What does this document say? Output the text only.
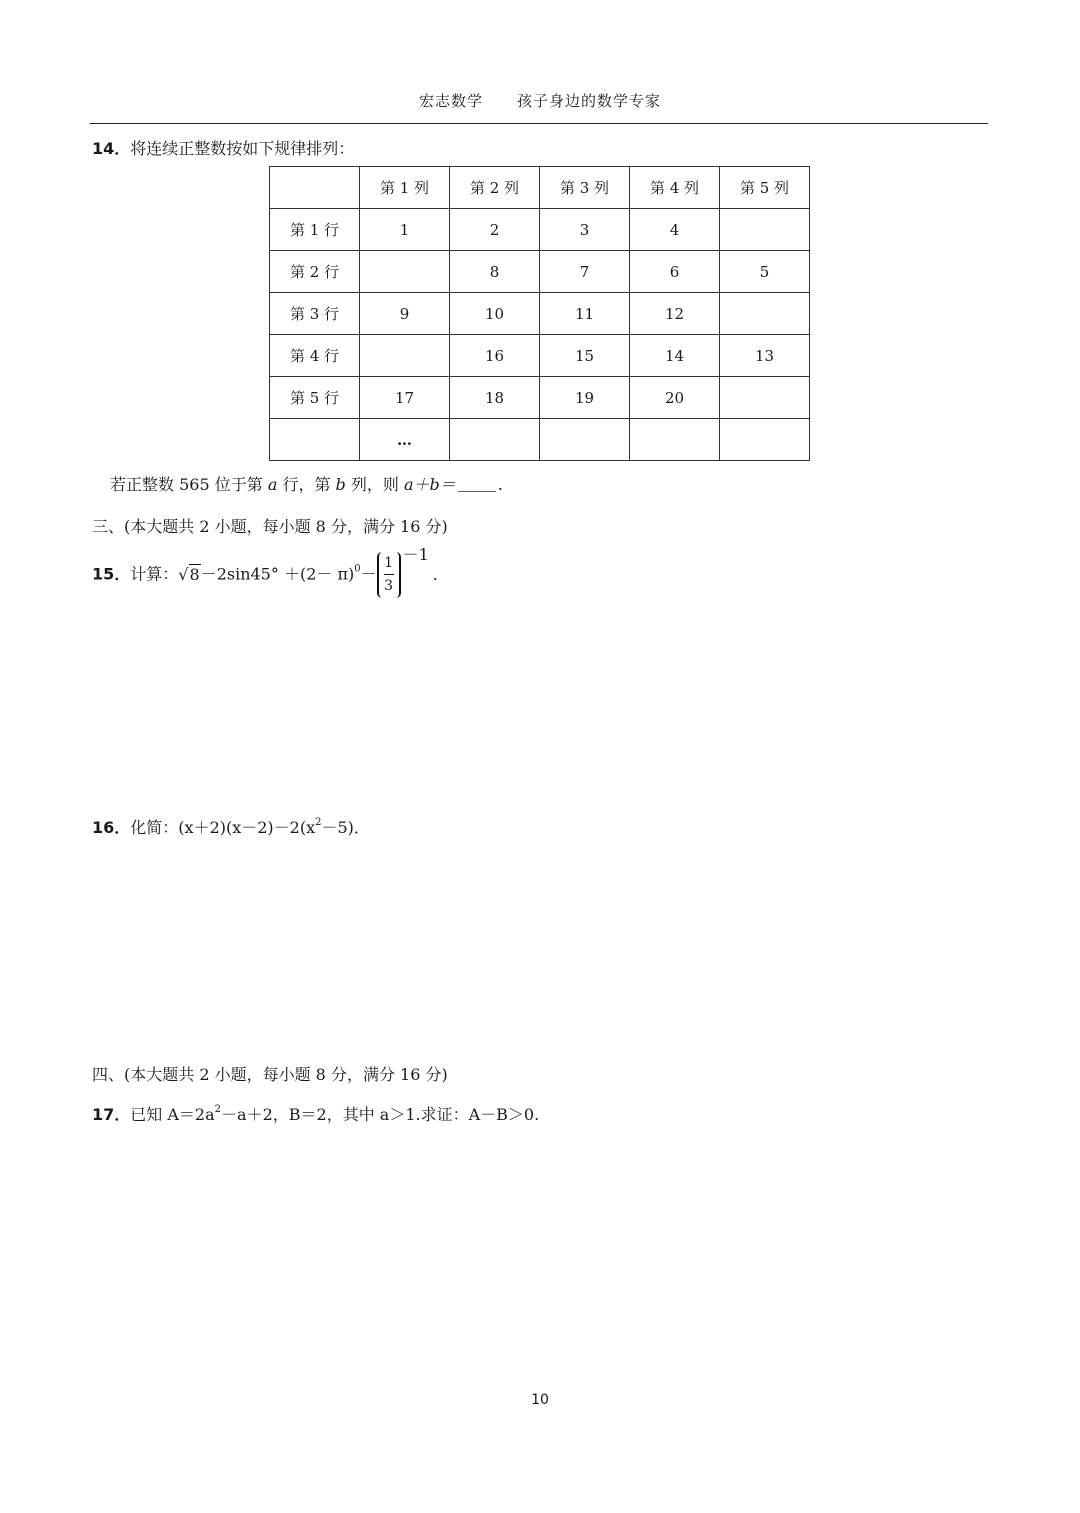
宏志数学 孩子身边的数学专家
14．将连续正整数按如下规律排列：
	第 1 列	第 2 列	第 3 列	第 4 列	第 5 列
第 1 行	1	2	3	4	
第 2 行		8	7	6	5
第 3 行	9	10	11	12	
第 4 行		16	15	14	13
第 5 行	17	18	19	20	
	…				
若正整数 565 位于第 a 行，第 b 列，则 a＋b＝	.
三、(本大题共 2 小题，每小题 8 分，满分 16 分)
15．计算：$√8-2\sin 45^\circ +(2- \pi)^0- \frac{1}{3} -1$.
16．化简：$(x+2)(x-2)-2(x^2-5)$．
四、(本大题共 2 小题，每小题 8 分，满分 16 分)
17．已知 $A=2a^2-a+2$，B＝2，其中 a＞1.求证：A－B＞0.
10
